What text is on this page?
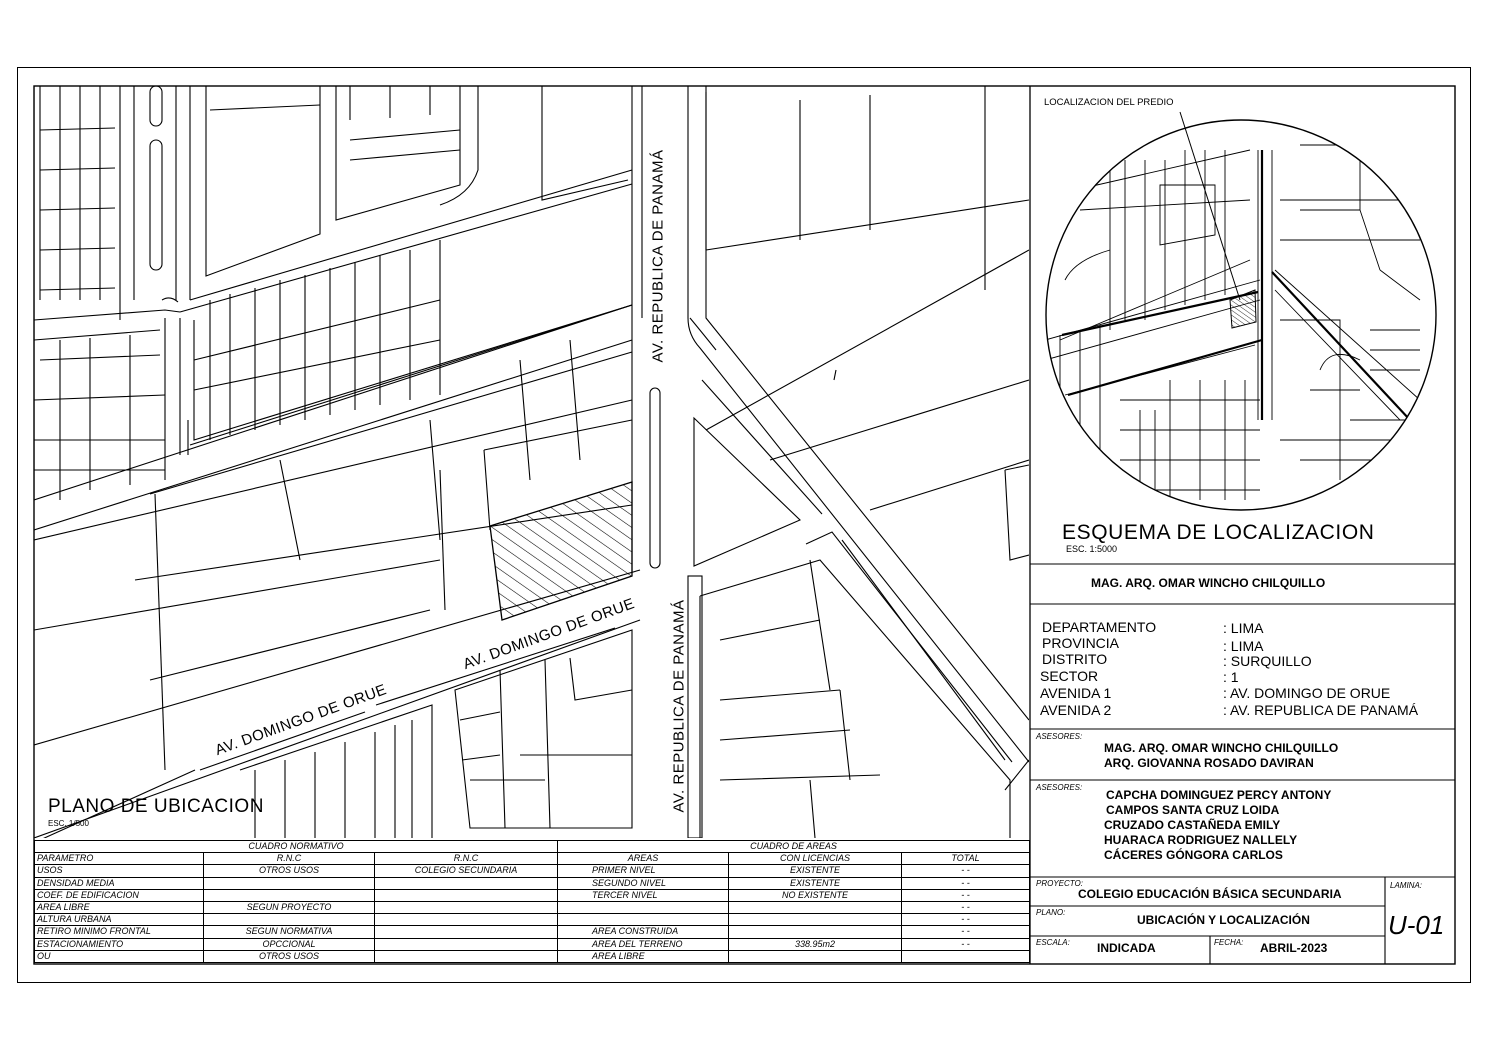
AV. REPUBLICA DE PANAMÁ
AV. REPUBLICA DE PANAMÁ
AV. DOMINGO DE ORUE
AV. DOMINGO DE ORUE
PLANO DE UBICACION
ESC. 1/500
CUADRO NORMATIVO		
PARAMETRO	R.N.C	R.N.C
USOS	OTROS USOS	COLEGIO SECUNDARIA
DENSIDAD MEDIA		
COEF. DE EDIFICACION		
AREA LIBRE	SEGUN PROYECTO	
ALTURA URBANA		
RETIRO MINIMO FRONTAL	SEGUN NORMATIVA	
ESTACIONAMIENTO	OPCCIONAL	
OU	OTROS USOS	
CUADRO DE AREAS		
AREAS	CON LICENCIAS	TOTAL
PRIMER NIVEL	EXISTENTE	- -
SEGUNDO NIVEL	EXISTENTE	- -
TERCER NIVEL	NO EXISTENTE	- -
		- -
		- -
AREA CONSTRUIDA		- -
AREA DEL TERRENO	338.95m2	- -
AREA LIBRE		
LOCALIZACION DEL PREDIO
ESQUEMA DE LOCALIZACION
ESC. 1:5000
MAG. ARQ. OMAR WINCHO CHILQUILLO
DEPARTAMENTO	: LIMA
PROVINCIA	: LIMA
DISTRITO	: SURQUILLO
SECTOR	: 1
AVENIDA 1	: AV. DOMINGO DE ORUE
AVENIDA 2	: AV. REPUBLICA DE PANAMÁ
ASESORES:
MAG. ARQ. OMAR WINCHO CHILQUILLO
ARQ. GIOVANNA ROSADO DAVIRAN
ASESORES:
CAPCHA DOMINGUEZ PERCY ANTONY
CAMPOS SANTA CRUZ LOIDA
CRUZADO CASTAÑEDA EMILY
HUARACA RODRIGUEZ NALLELY
CÁCERES GÓNGORA CARLOS
PROYECTO:
COLEGIO EDUCACIÓN BÁSICA SECUNDARIA
PLANO:
UBICACIÓN Y LOCALIZACIÓN
ESCALA: INDICADA	FECHA: ABRIL-2023
LAMINA:
U-01
